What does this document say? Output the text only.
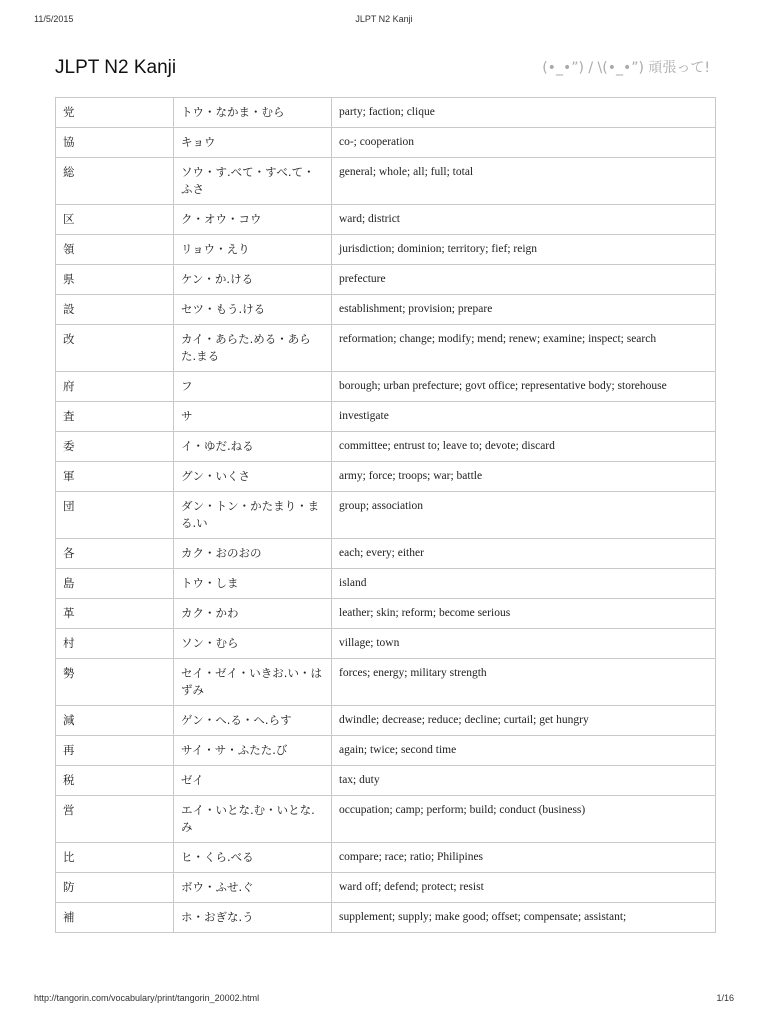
11/5/2015	JLPT N2 Kanji
JLPT N2 Kanji	(•_•”) / \(•_•”) 頑張って!
党	トウ・なかま・むら	party; faction; clique
協	キョウ	co-; cooperation
総	ソウ・す.べて・すべ.て・ふさ	general; whole; all; full; total
区	ク・オウ・コウ	ward; district
領	リョウ・えり	jurisdiction; dominion; territory; fief; reign
県	ケン・か.ける	prefecture
設	セツ・もう.ける	establishment; provision; prepare
改	カイ・あらた.める・あらた.まる	reformation; change; modify; mend; renew; examine; inspect; search
府	フ	borough; urban prefecture; govt office; representative body; storehouse
査	サ	investigate
委	イ・ゆだ.ねる	committee; entrust to; leave to; devote; discard
軍	グン・いくさ	army; force; troops; war; battle
団	ダン・トン・かたまり・まる.い	group; association
各	カク・おのおの	each; every; either
島	トウ・しま	island
革	カク・かわ	leather; skin; reform; become serious
村	ソン・むら	village; town
勢	セイ・ゼイ・いきお.い・はずみ	forces; energy; military strength
減	ゲン・へ.る・へ.らす	dwindle; decrease; reduce; decline; curtail; get hungry
再	サイ・サ・ふたた.び	again; twice; second time
税	ゼイ	tax; duty
営	エイ・いとな.む・いとな.み	occupation; camp; perform; build; conduct (business)
比	ヒ・くら.べる	compare; race; ratio; Philipines
防	ボウ・ふせ.ぐ	ward off; defend; protect; resist
補	ホ・おぎな.う	supplement; supply; make good; offset; compensate; assistant;
http://tangorin.com/vocabulary/print/tangorin_20002.html	1/16
